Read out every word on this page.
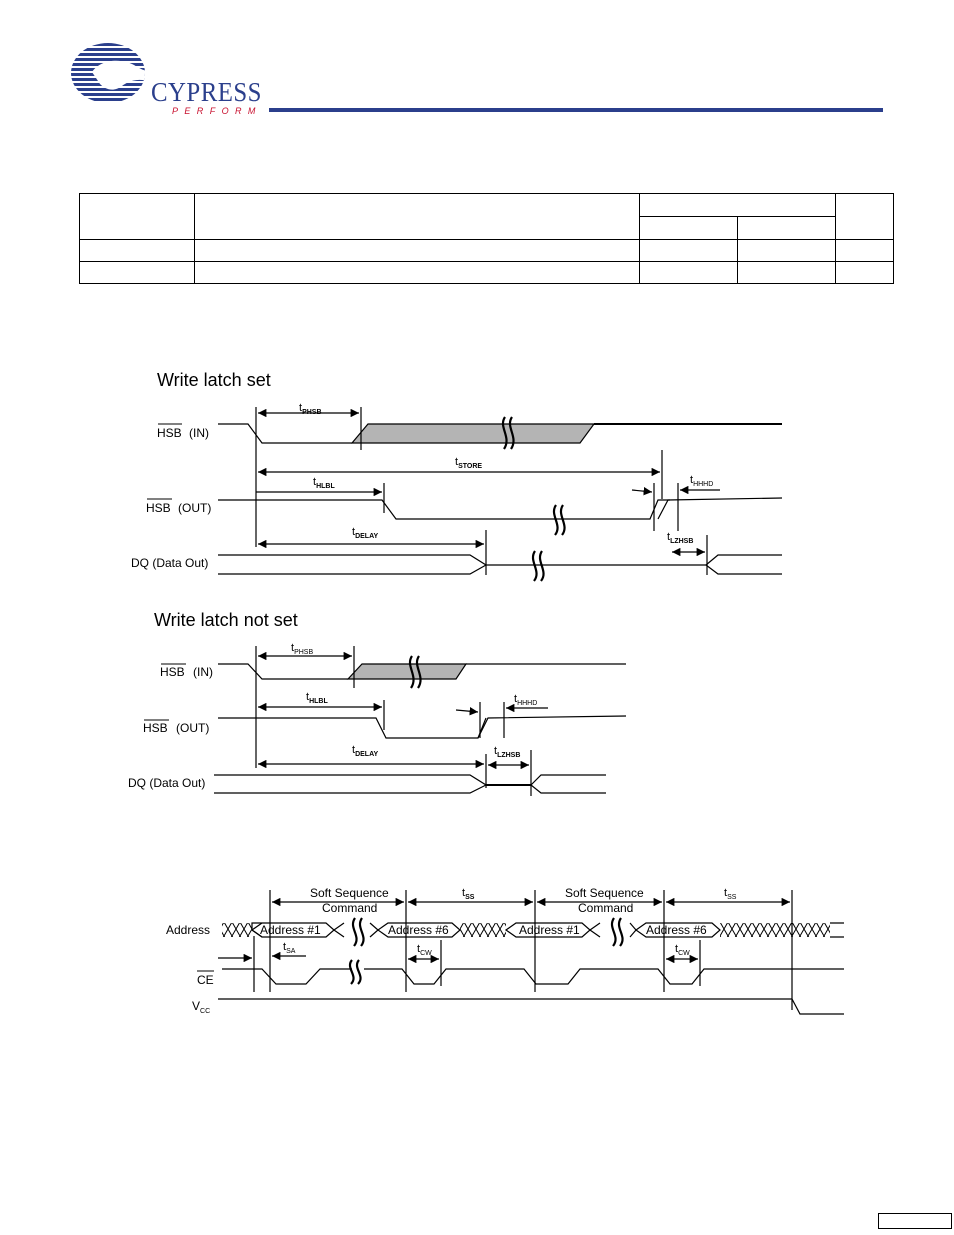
CYPRESS
PERFORM

Write latch set
HSB (IN)
HSB (OUT)
DQ (Data Out)
$t_{PHSB}$
$t_{STORE}$
$t_{HLBL}$
$t_{HHHD}$
$t_{DELAY}$	$t_{LZHSB}$
Write latch not set
HSB (IN)
HSB (OUT)
DQ (Data Out)
$t_{PHSB}$
$t_{HLBL}$	$t_{HHHD}$
$t_{DELAY}$	$t_{LZHSB}$
Address
CE
$V_{CC}$
Soft Sequence
Command
Soft Sequence
Command
$t_{SS}$	$t_{SS}$
$t_{SA}$	$t_{CW}$	$t_{CW}$
Address #1	Address #6	Address #1	Address #6
